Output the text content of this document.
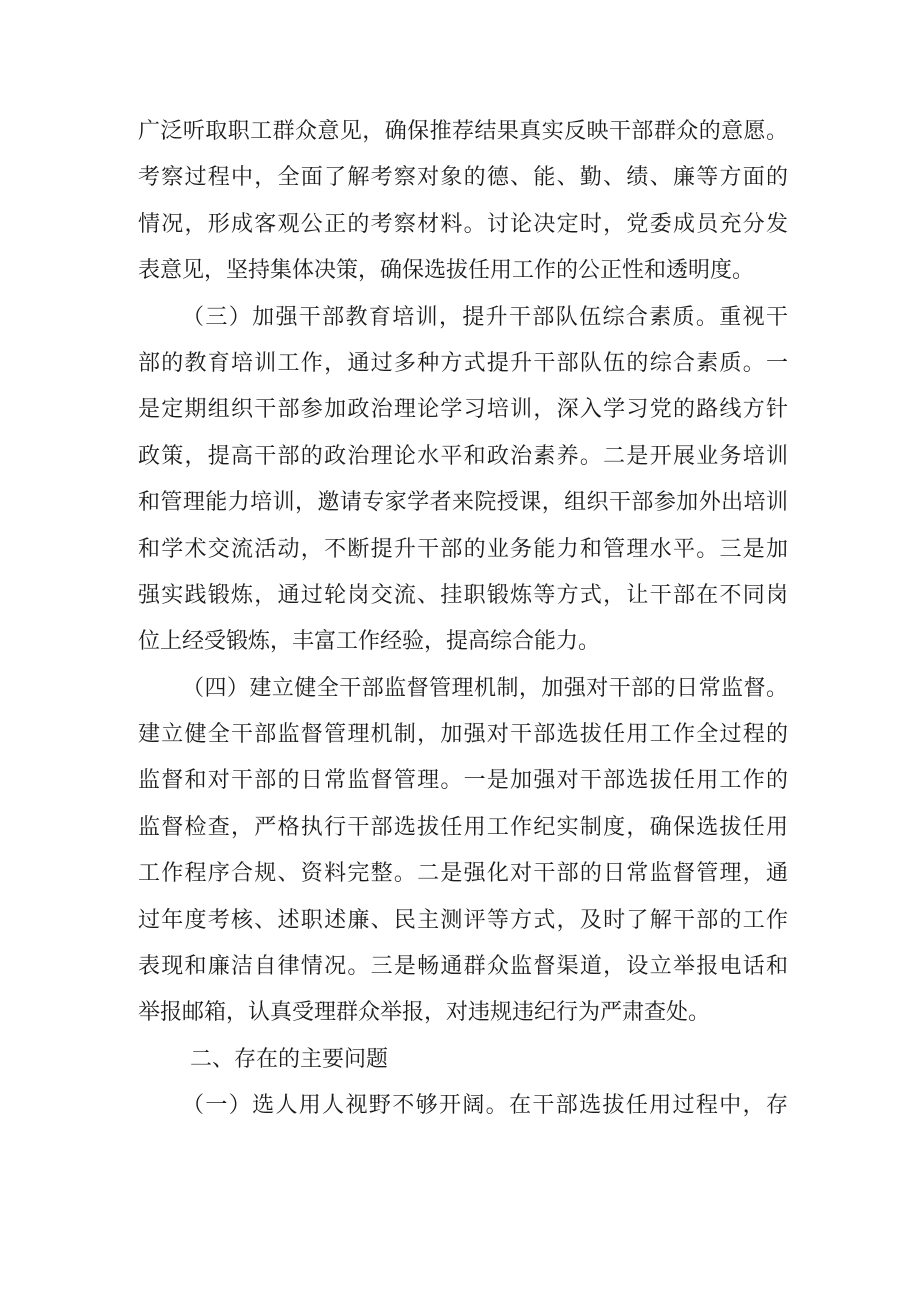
广泛听取职工群众意见，确保推荐结果真实反映干部群众的意愿。
考察过程中，全面了解考察对象的德、能、勤、绩、廉等方面的
情况，形成客观公正的考察材料。讨论决定时，党委成员充分发
表意见，坚持集体决策，确保选拔任用工作的公正性和透明度。
（三）加强干部教育培训，提升干部队伍综合素质。重视干
部的教育培训工作，通过多种方式提升干部队伍的综合素质。一
是定期组织干部参加政治理论学习培训，深入学习党的路线方针
政策，提高干部的政治理论水平和政治素养。二是开展业务培训
和管理能力培训，邀请专家学者来院授课，组织干部参加外出培训
和学术交流活动，不断提升干部的业务能力和管理水平。三是加
强实践锻炼，通过轮岗交流、挂职锻炼等方式，让干部在不同岗
位上经受锻炼，丰富工作经验，提高综合能力。
（四）建立健全干部监督管理机制，加强对干部的日常监督。
建立健全干部监督管理机制，加强对干部选拔任用工作全过程的
监督和对干部的日常监督管理。一是加强对干部选拔任用工作的
监督检查，严格执行干部选拔任用工作纪实制度，确保选拔任用
工作程序合规、资料完整。二是强化对干部的日常监督管理，通
过年度考核、述职述廉、民主测评等方式，及时了解干部的工作
表现和廉洁自律情况。三是畅通群众监督渠道，设立举报电话和
举报邮箱，认真受理群众举报，对违规违纪行为严肃查处。
二、存在的主要问题
（一）选人用人视野不够开阔。在干部选拔任用过程中，存
